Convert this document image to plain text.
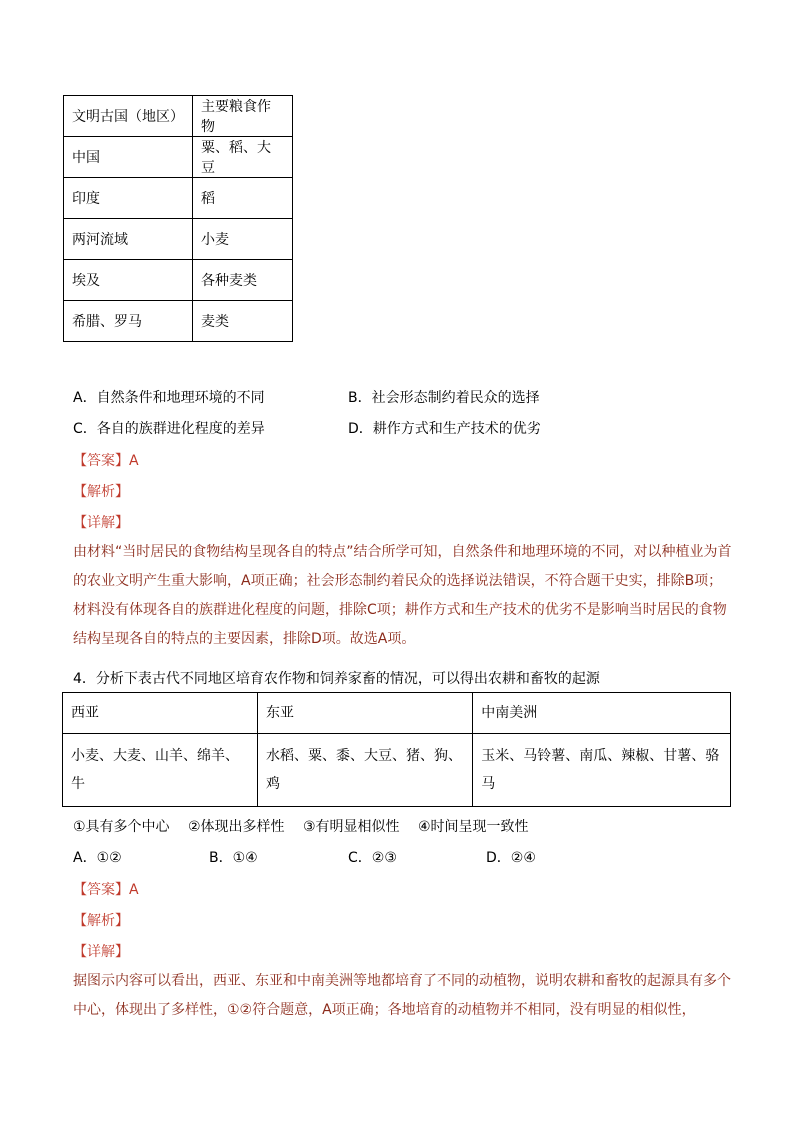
文明古国（地区）	主要粮食作物
中国	粟、稻、大豆
印度	稻
两河流域	小麦
埃及	各种麦类
希腊、罗马	麦类
A．自然条件和地理环境的不同	B．社会形态制约着民众的选择
C．各自的族群进化程度的差异	D．耕作方式和生产技术的优劣
【答案】A
【解析】
【详解】
由材料“当时居民的食物结构呈现各自的特点”结合所学可知，自然条件和地理环境的不同，对以种植业为首的农业文明产生重大影响，A项正确；社会形态制约着民众的选择说法错误，不符合题干史实，排除B项；材料没有体现各自的族群进化程度的问题，排除C项；耕作方式和生产技术的优劣不是影响当时居民的食物结构呈现各自的特点的主要因素，排除D项。故选A项。
4．分析下表古代不同地区培育农作物和饲养家畜的情况，可以得出农耕和畜牧的起源
西亚	东亚	中南美洲
小麦、大麦、山羊、绵羊、牛	水稻、粟、黍、大豆、猪、狗、鸡	玉米、马铃薯、南瓜、辣椒、甘薯、骆马
①具有多个中心　 ②体现出多样性　 ③有明显相似性　 ④时间呈现一致性
A．①②	B．①④	C．②③	D．②④
【答案】A
【解析】
【详解】
据图示内容可以看出，西亚、东亚和中南美洲等地都培育了不同的动植物，说明农耕和畜牧的起源具有多个中心，体现出了多样性，①②符合题意，A项正确；各地培育的动植物并不相同，没有明显的相似性，
